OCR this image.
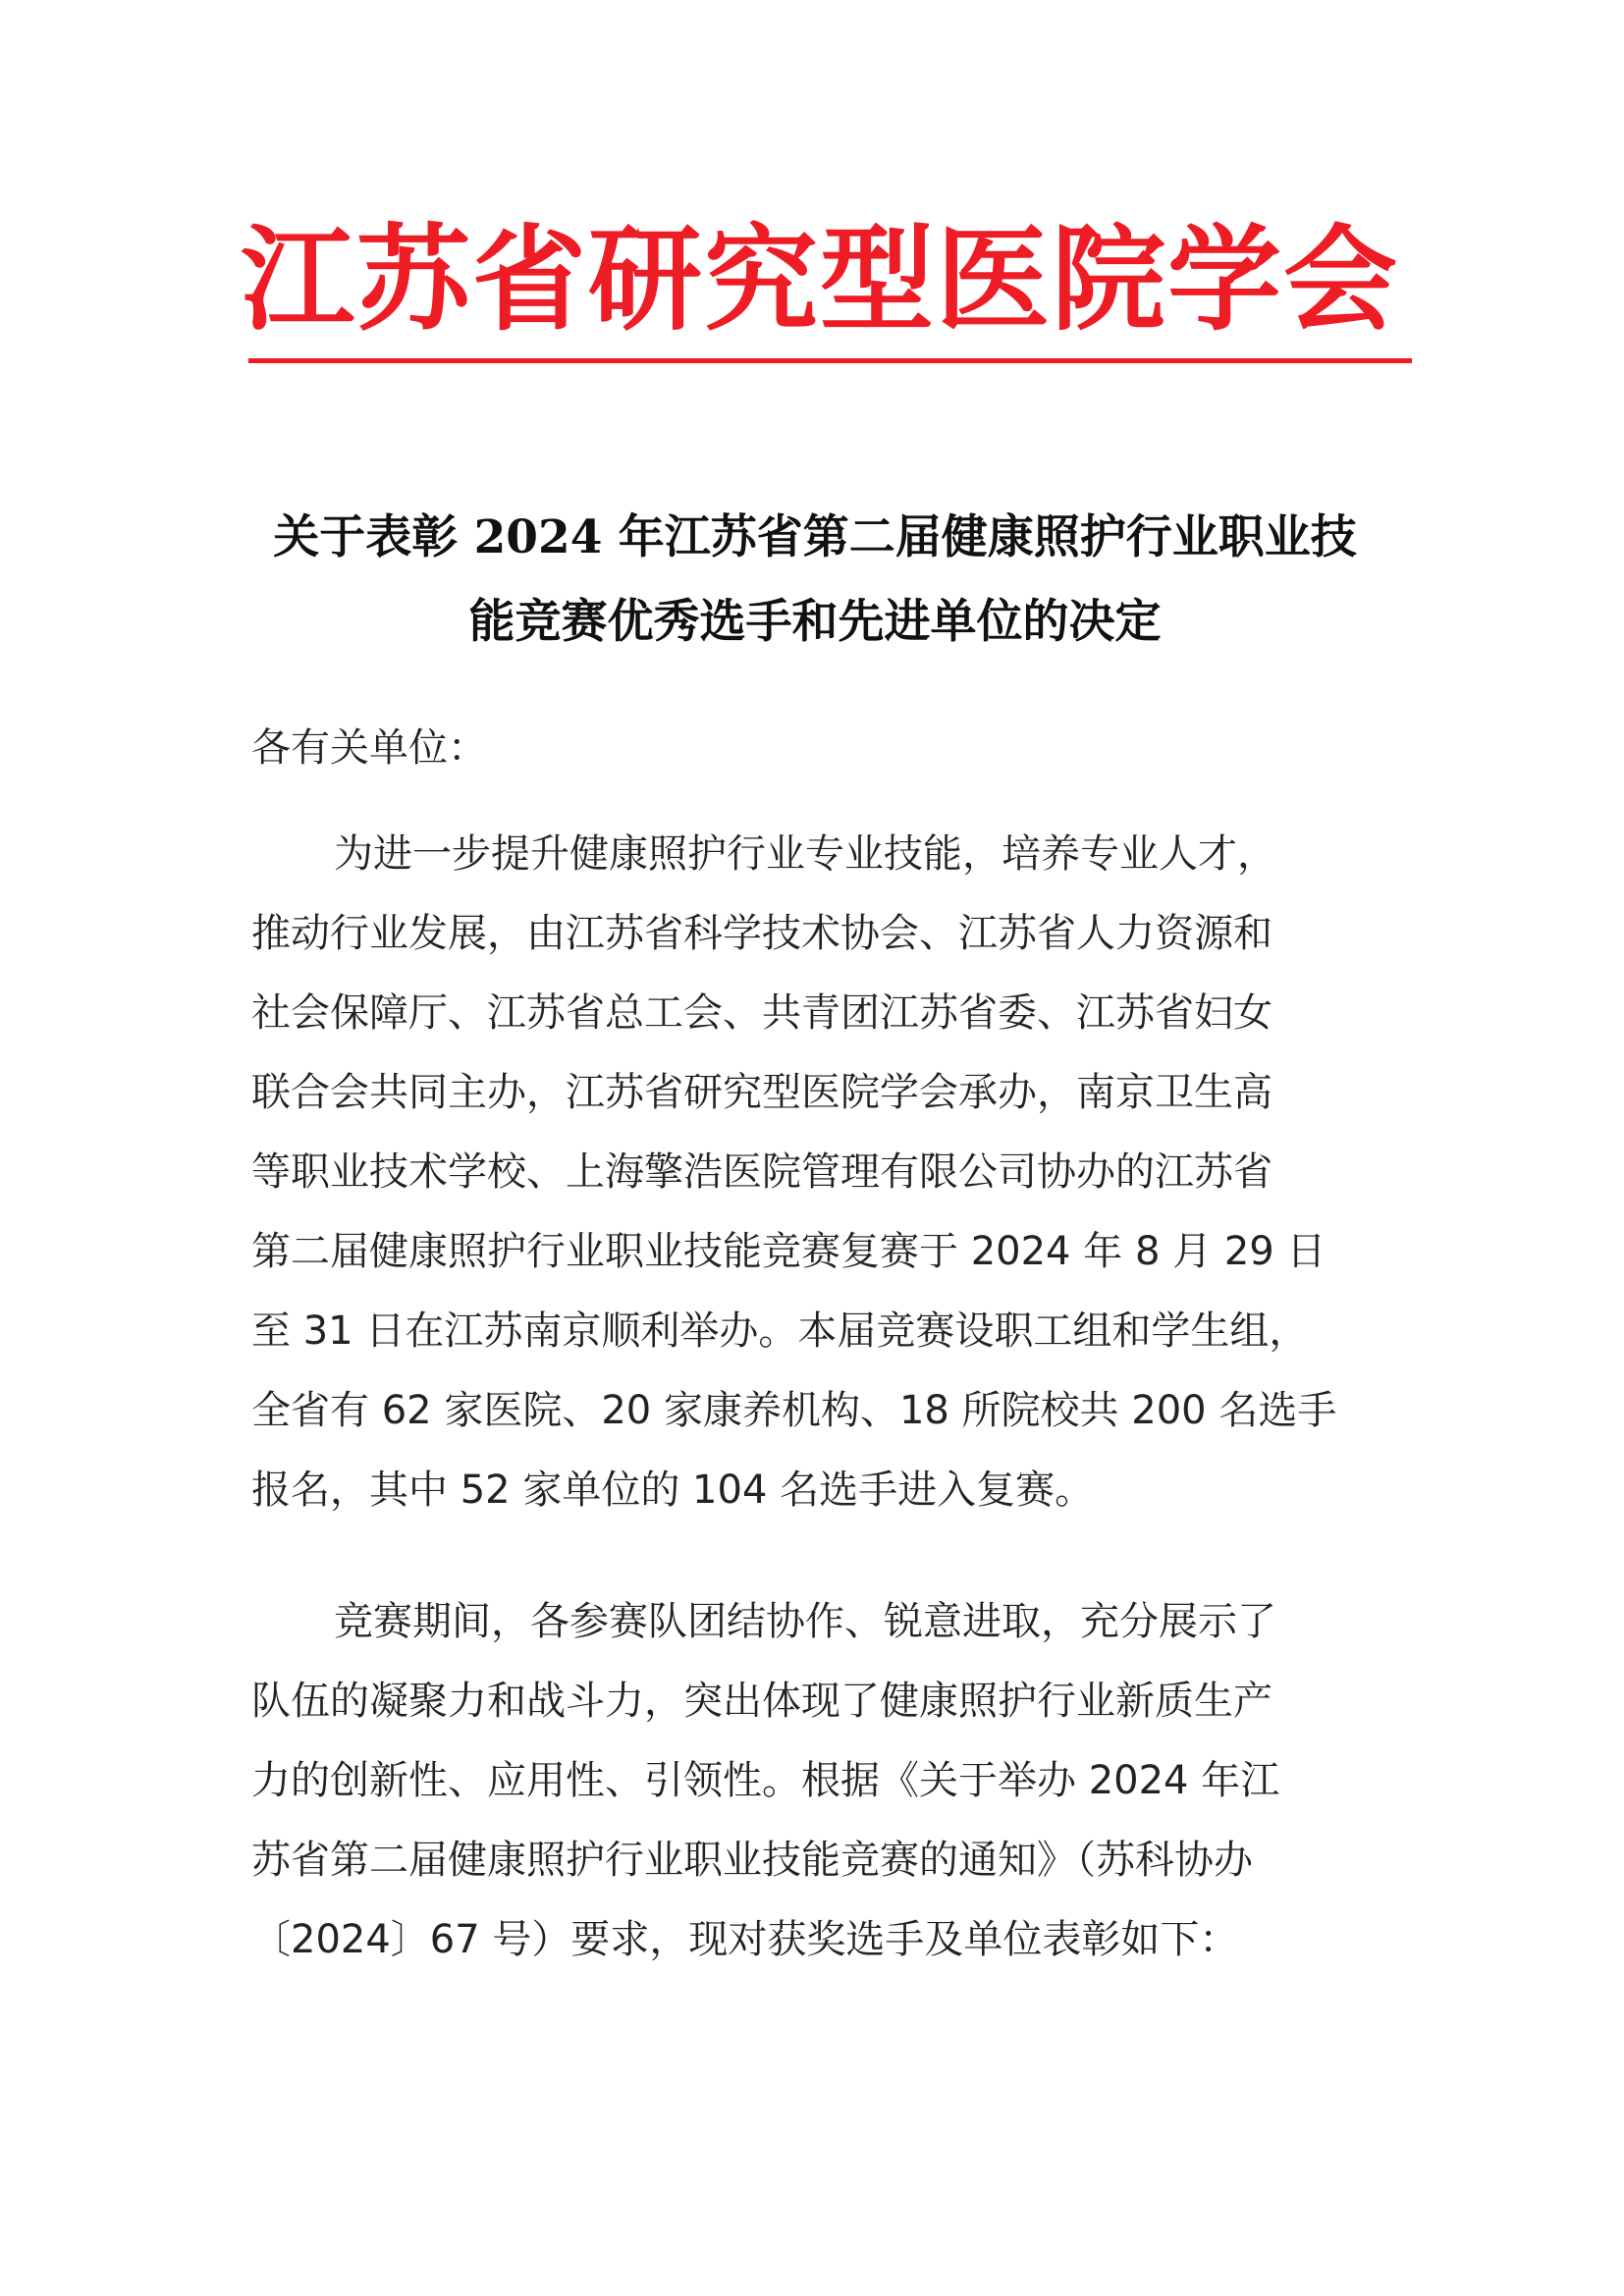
江苏省研究型医院学会
关于表彰 2024 年江苏省第二届健康照护行业职业技
能竞赛优秀选手和先进单位的决定
各有关单位：
为进一步提升健康照护行业专业技能，培养专业人才，
推动行业发展，由江苏省科学技术协会、江苏省人力资源和
社会保障厅、江苏省总工会、共青团江苏省委、江苏省妇女
联合会共同主办，江苏省研究型医院学会承办，南京卫生高
等职业技术学校、上海擎浩医院管理有限公司协办的江苏省
第二届健康照护行业职业技能竞赛复赛于 2024 年 8 月 29 日
至 31 日在江苏南京顺利举办。本届竞赛设职工组和学生组，
全省有 62 家医院、20 家康养机构、18 所院校共 200 名选手
报名，其中 52 家单位的 104 名选手进入复赛。
竞赛期间，各参赛队团结协作、锐意进取，充分展示了
队伍的凝聚力和战斗力，突出体现了健康照护行业新质生产
力的创新性、应用性、引领性。根据《关于举办 2024 年江
苏省第二届健康照护行业职业技能竞赛的通知》（苏科协办
〔2024〕67 号）要求，现对获奖选手及单位表彰如下：
